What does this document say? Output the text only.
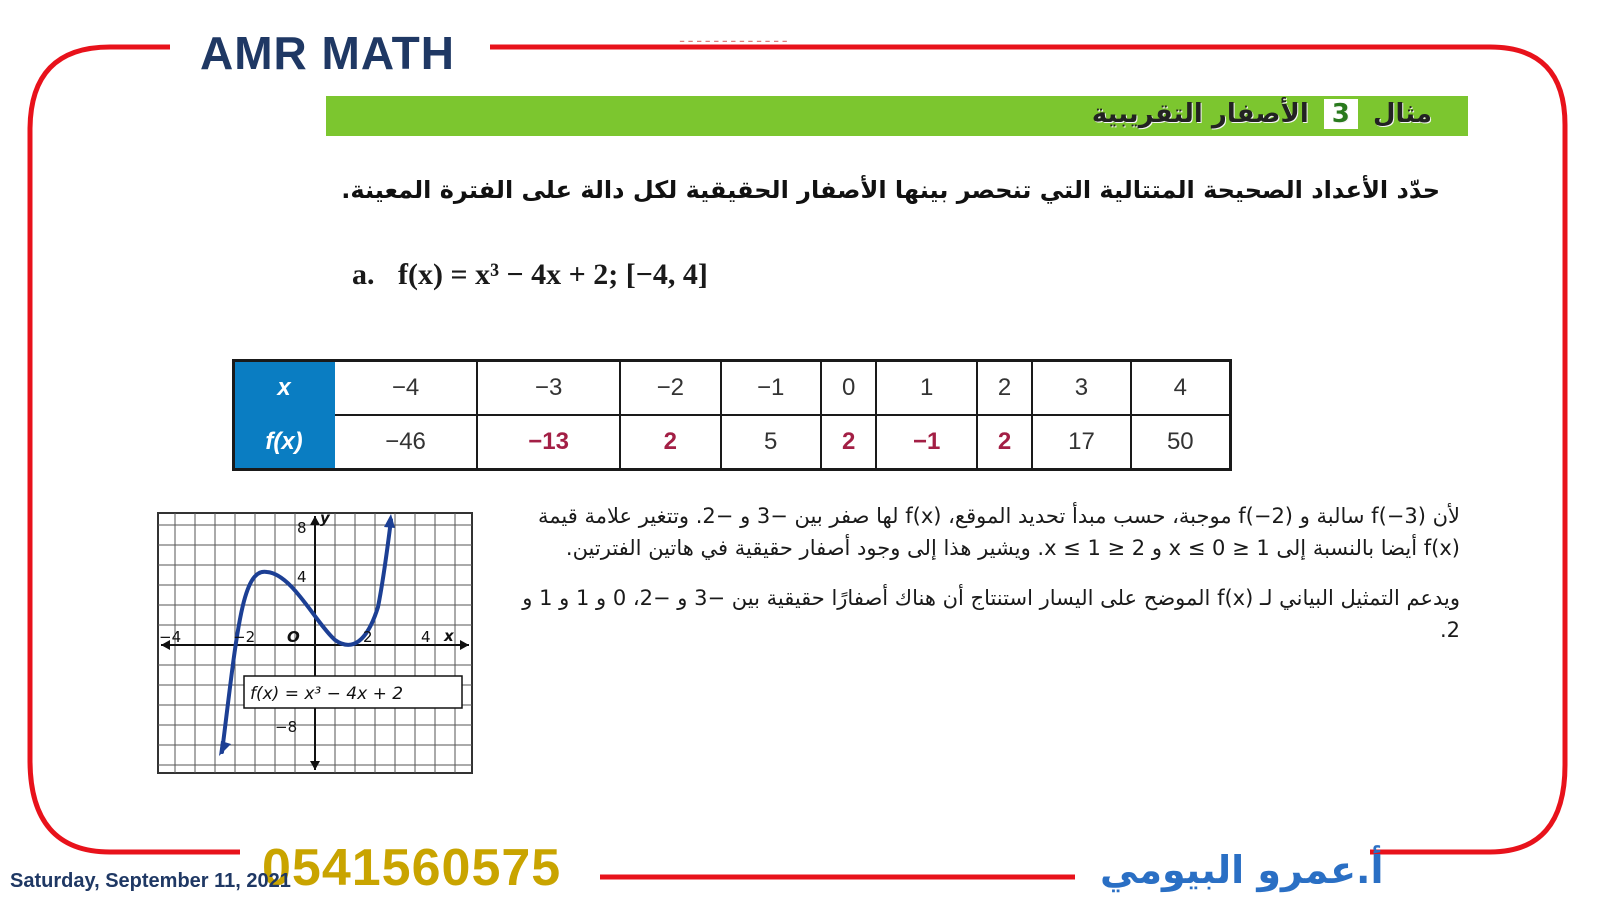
AMR MATH	ـ ـ ـ ـ ـ ـ ـ ـ ـ ـ ـ ـ ـ
مثال 3 الأصفار التقريبية
حدّد الأعداد الصحيحة المتتالية التي تنحصر بينها الأصفار الحقيقية لكل دالة على الفترة المعينة.
a. f(x) = x³ − 4x + 2; [−4, 4]
x	−4	−3	−2	−1	0	1	2	3	4
f(x)	−46	−13	2	5	2	−1	2	17	50

لأن f(−3) سالبة و f(−2) موجبة، حسب مبدأ تحديد الموقع، f(x) لها صفر بين −3 و −2. وتتغير علامة قيمة f(x) أيضا بالنسبة إلى 1 ≤ x ≤ 0 و 2 ≤ x ≤ 1. ويشير هذا إلى وجود أصفار حقيقية في هاتين الفترتين.

ويدعم التمثيل البياني لـ f(x) الموضح على اليسار استنتاج أن هناك أصفارًا حقيقية بين −3 و −2، 0 و 1 و 1 و 2.

y
x
O
−4	−2	2	4
8
4
−8
f(x) = x³ − 4x + 2
0541560575	أ.عمرو البيومي
Saturday, September 11, 2021
